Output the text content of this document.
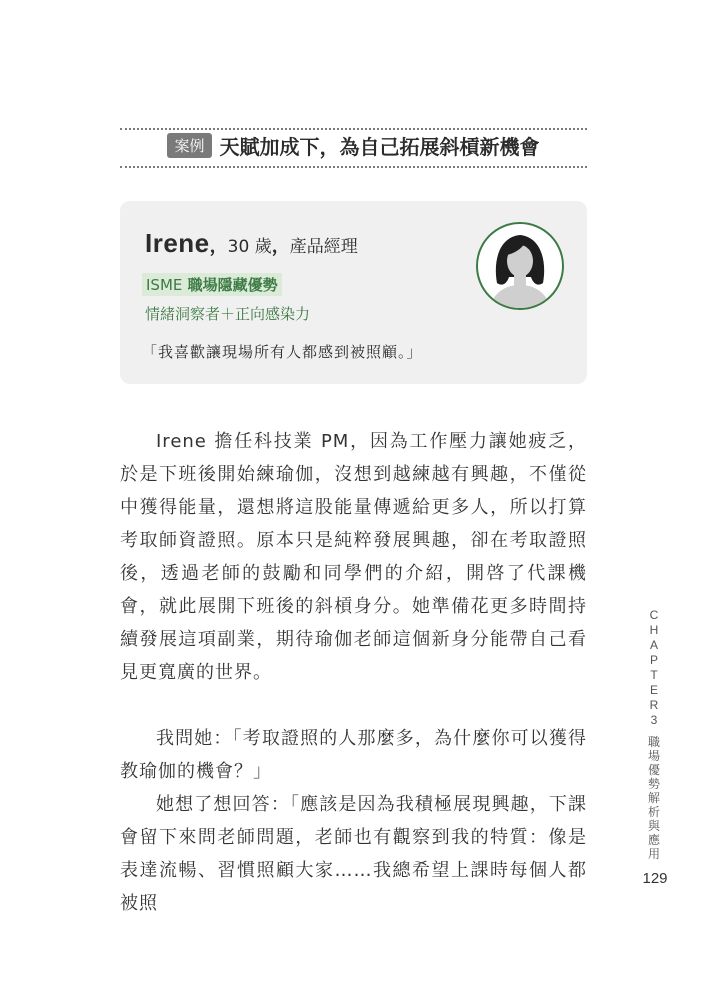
案例 天賦加成下，為自己拓展斜槓新機會
Irene ， 30 歲 ， 產品經理
ISME 職場隱藏優勢
情緒洞察者＋正向感染力
「我喜歡讓現場所有人都感到被照顧。」

Irene 擔任科技業 PM，因為工作壓力讓她疲乏，於是下班後開始練瑜伽，沒想到越練越有興趣，不僅從中獲得能量，還想將這股能量傳遞給更多人，所以打算考取師資證照。原本只是純粹發展興趣，卻在考取證照後，透過老師的鼓勵和同學們的介紹，開啓了代課機會，就此展開下班後的斜槓身分。她準備花更多時間持續發展這項副業，期待瑜伽老師這個新身分能帶自己看見更寬廣的世界。

我問她：「考取證照的人那麼多，為什麼你可以獲得教瑜伽的機會？」

她想了想回答：「應該是因為我積極展現興趣，下課會留下來問老師問題，老師也有觀察到我的特質：像是表達流暢、習慣照顧大家……我總希望上課時每個人都被照

C
H
A
P
T
E
R
3
職
場
優
勢
解
析
與
應
用
129
